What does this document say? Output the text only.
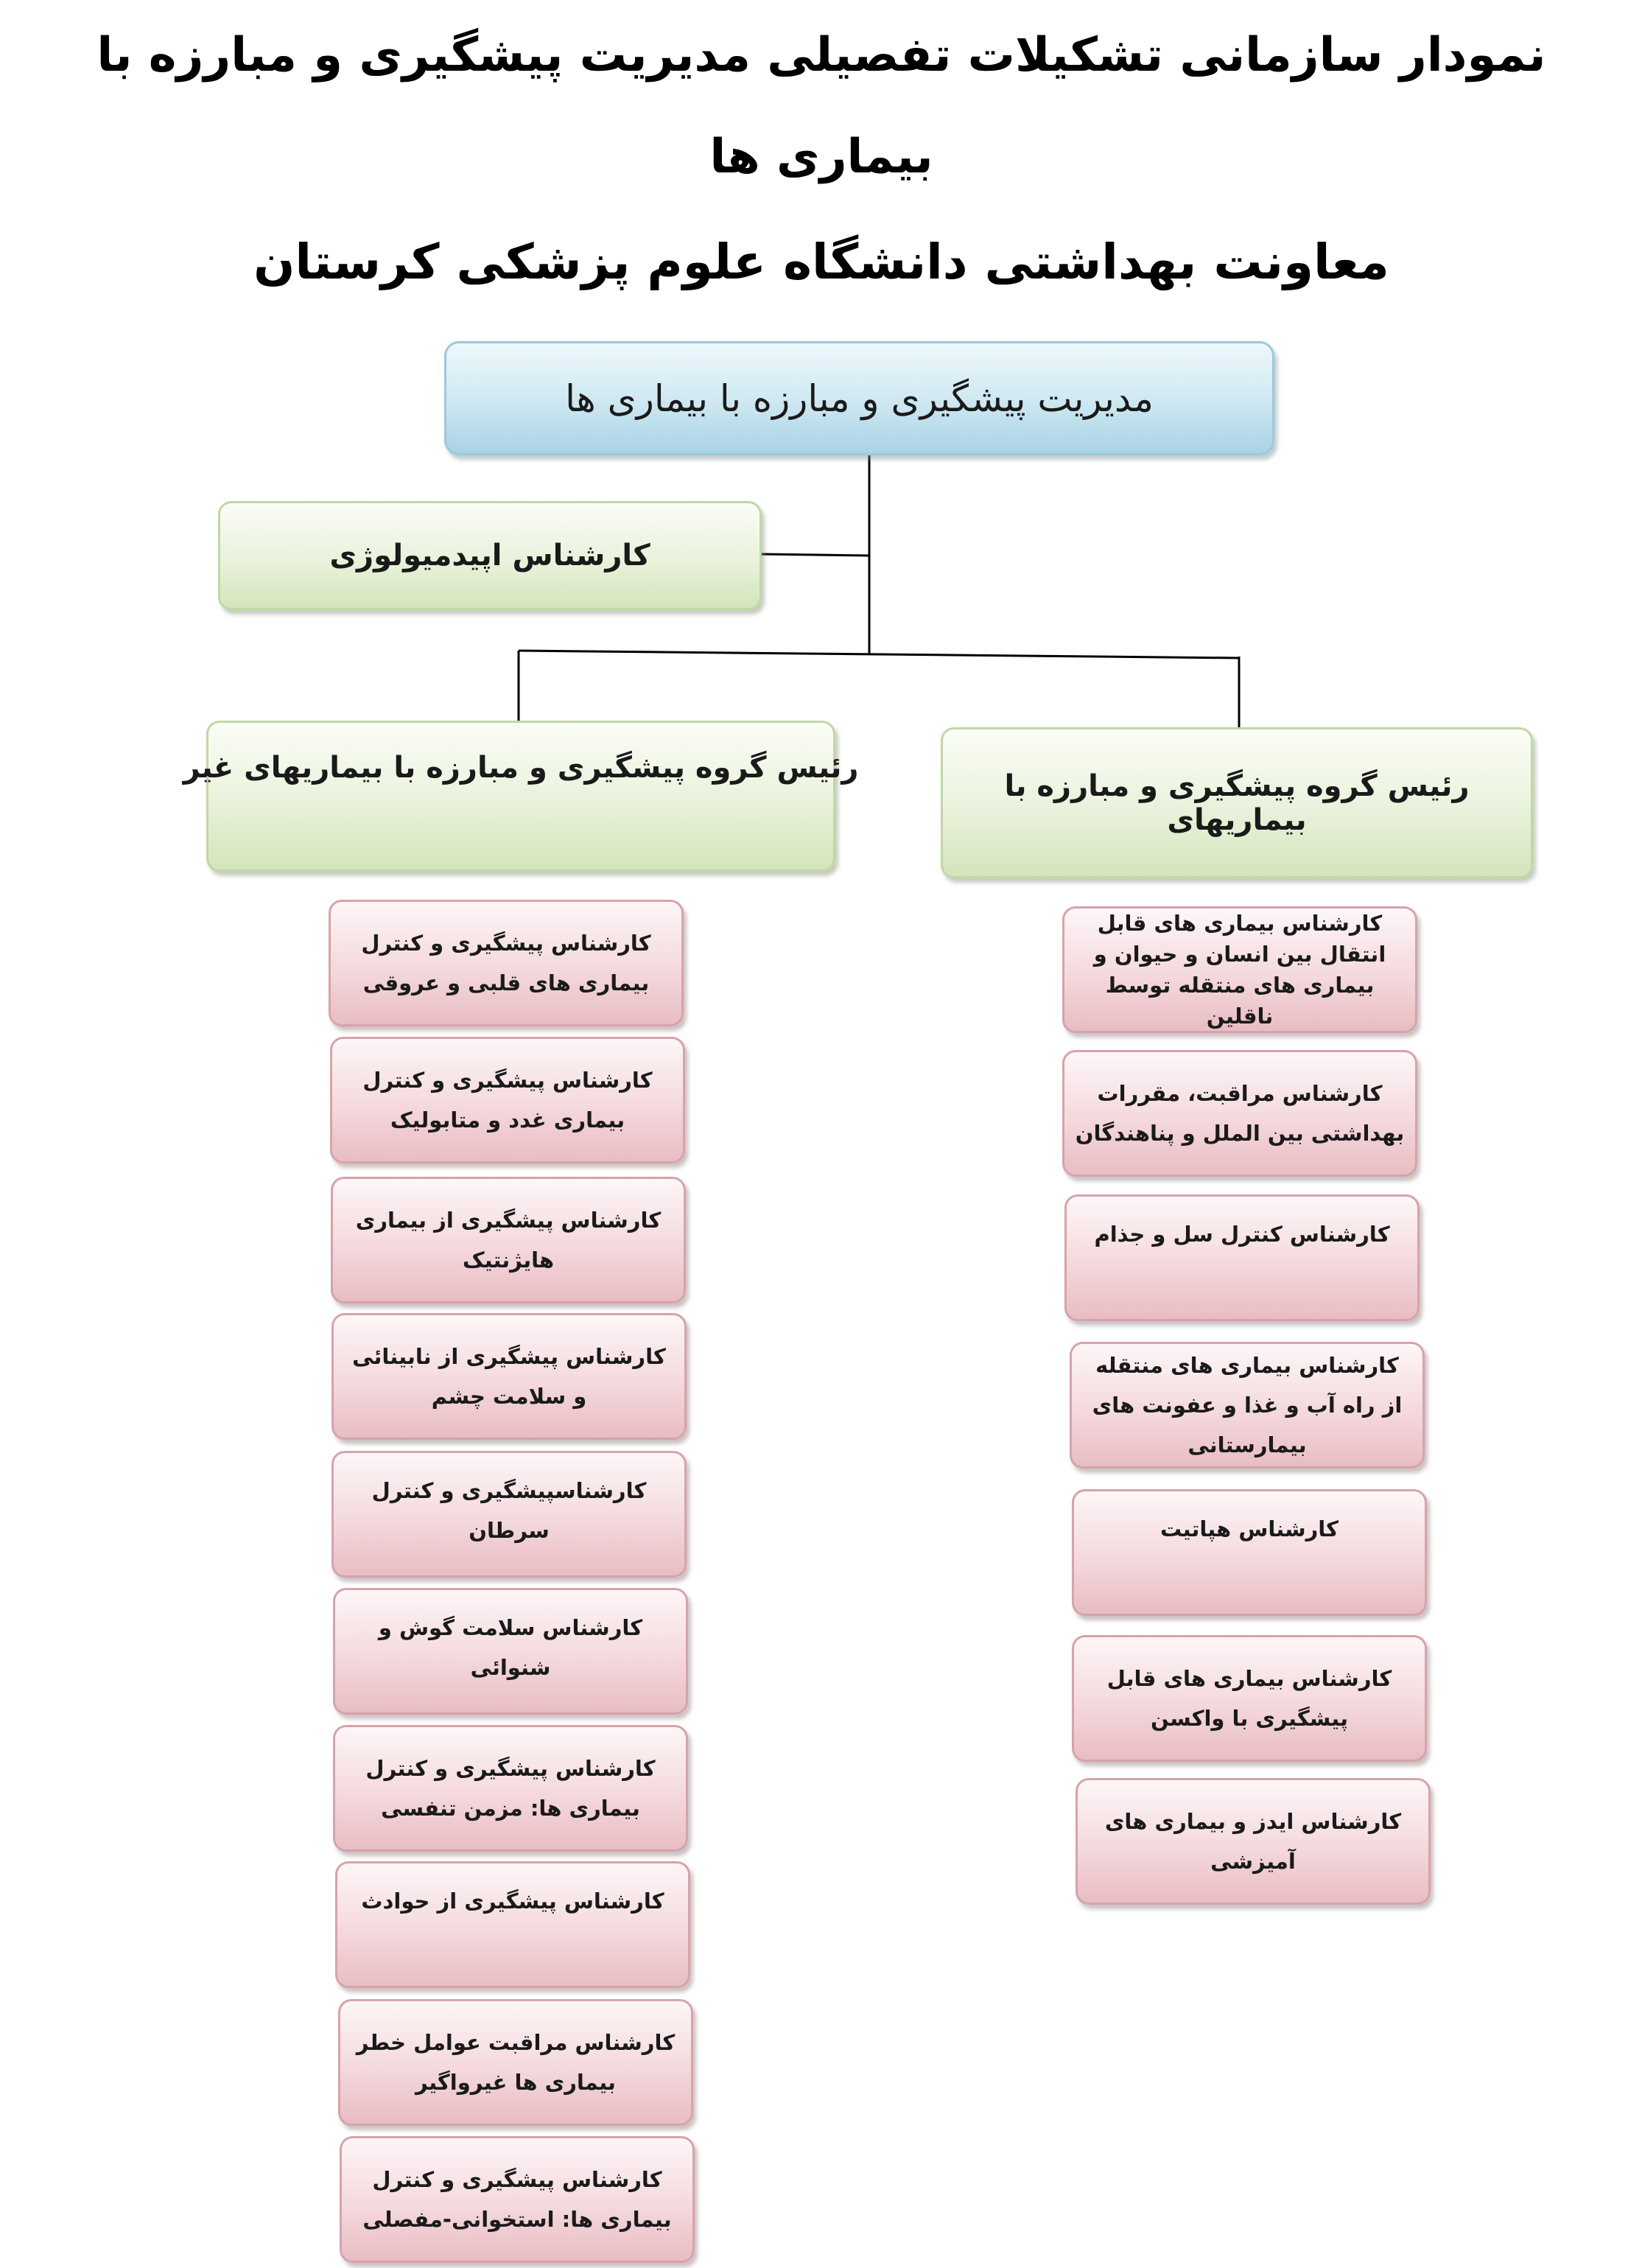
نمودار سازمانی تشکیلات تفصیلی مدیریت پیشگیری و مبارزه با
بیماری ها
معاونت بهداشتی دانشگاه علوم پزشکی کرستان
مدیریت پیشگیری و مبارزه با بیماری ها
کارشناس اپیدمیولوژی
رئیس گروه پیشگیری و مبارزه با بیماریهای
رئیس گروه پیشگیری و مبارزه با بیماریهای غیر
کارشناس بیماری های قابل انتقال بین انسان و حیوان و بیماری های منتقله توسط ناقلین
کارشناس مراقبت، مقررات بهداشتی بین الملل و پناهندگان
کارشناس کنترل سل و جذام
کارشناس بیماری های منتقله از راه آب و غذا و عفونت های بیمارستانی
کارشناس هپاتیت
کارشناس بیماری های قابل پیشگیری با واکسن
کارشناس ایدز و بیماری های آمیزشی
کارشناس پیشگیری و کنترل بیماری های قلبی و عروقی
کارشناس پیشگیری و کنترل بیماری غدد و متابولیک
کارشناس پیشگیری از بیماری هایژنتیک
کارشناس پیشگیری از نابینائی و سلامت چشم
کارشناسپیشگیری و کنترل سرطان
کارشناس سلامت گوش و شنوائی
کارشناس پیشگیری و کنترل بیماری ها: مزمن تنفسی
کارشناس پیشگیری از حوادث
کارشناس مراقبت عوامل خطر بیماری ها غیرواگیر
کارشناس پیشگیری و کنترل بیماری ها: استخوانی-مفصلی
